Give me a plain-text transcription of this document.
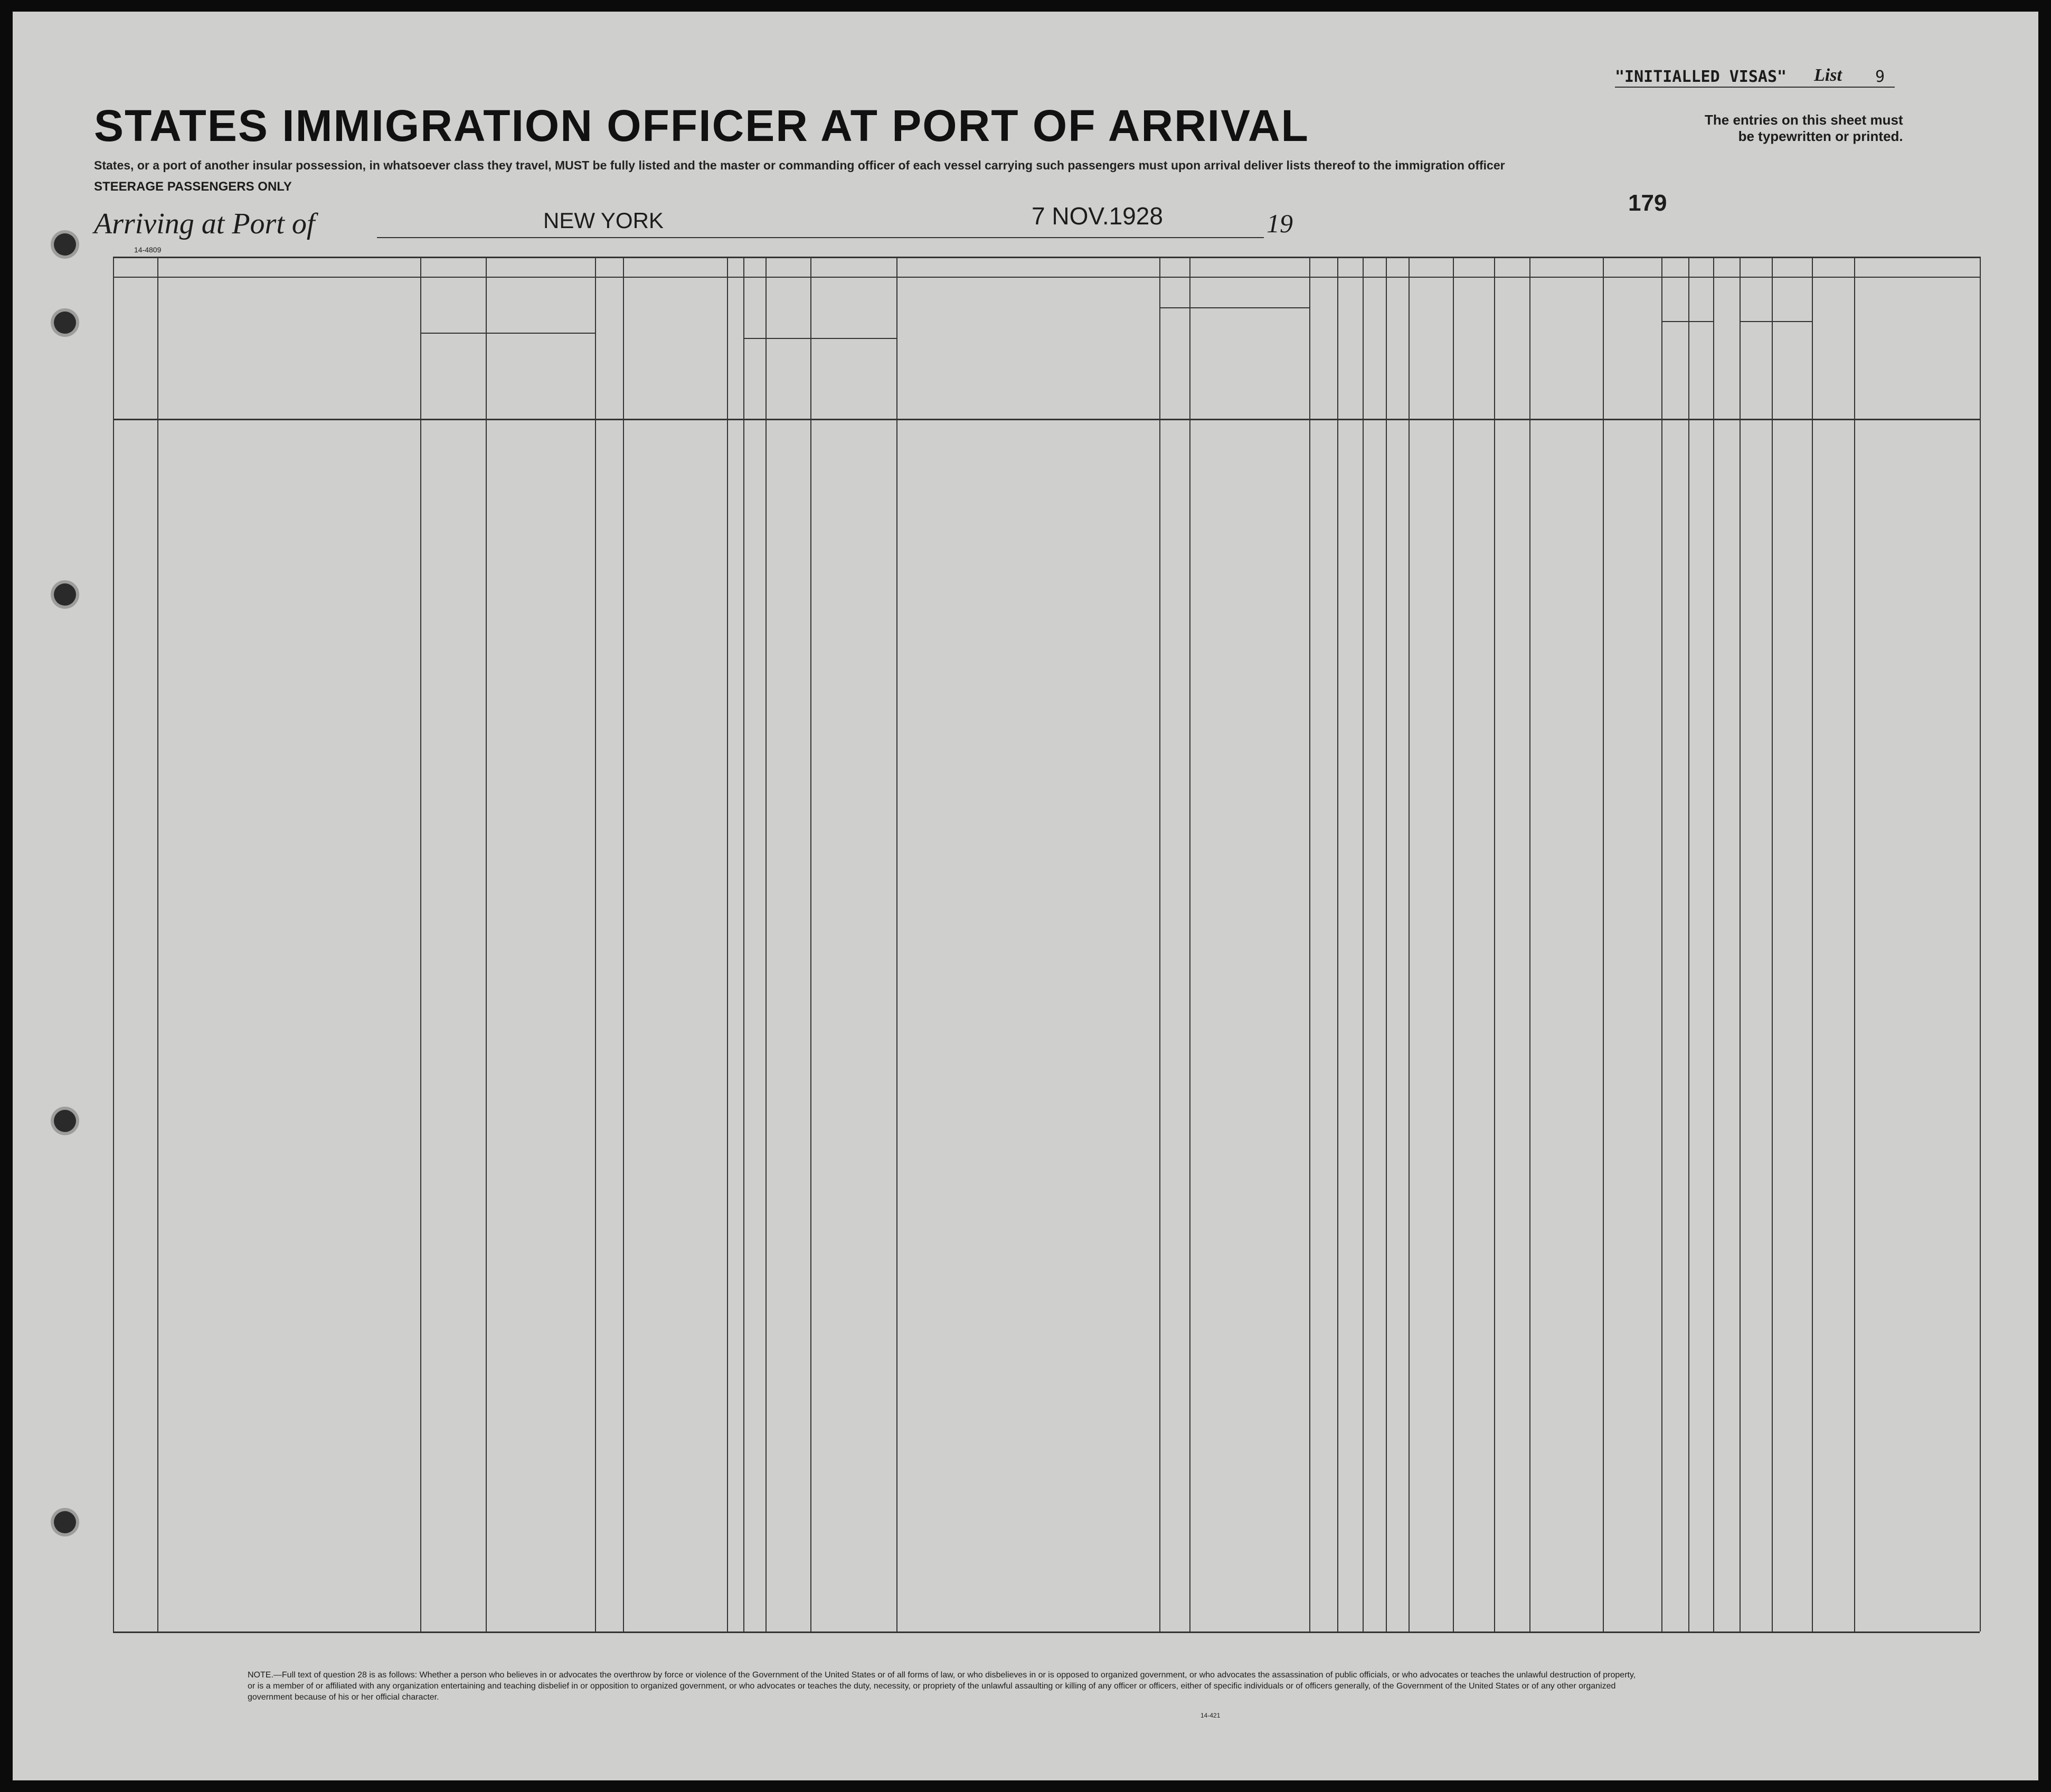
STATES IMMIGRATION OFFICER AT PORT OF ARRIVAL
States, or a port of another insular possession, in whatsoever class they travel, MUST be fully listed and the master or commanding officer of each vessel carrying such passengers must upon arrival deliver lists thereof to the immigration officer
STEERAGE PASSENGERS ONLY
Arriving at Port of	NEW YORK	7 NOV.1928	19
179
"INITIALLED VISAS" List 9
The entries on this sheet must
be typewritten or printed.
14-4809
NOTE.—Full text of question 28 is as follows: Whether a person who believes in or advocates the overthrow by force or violence of the Government of the United States or of all forms of law, or who disbelieves in or is opposed to organized government, or who advocates the assassination of public officials, or who advocates or teaches the unlawful destruction of property, or is a member of or affiliated with any organization entertaining and teaching disbelief in or opposition to organized government, or who advocates or teaches the duty, necessity, or propriety of the unlawful assaulting or killing of any officer or officers, either of specific individuals or of officers generally, of the Government of the United States or of any other organized government because of his or her official character.
14-421
